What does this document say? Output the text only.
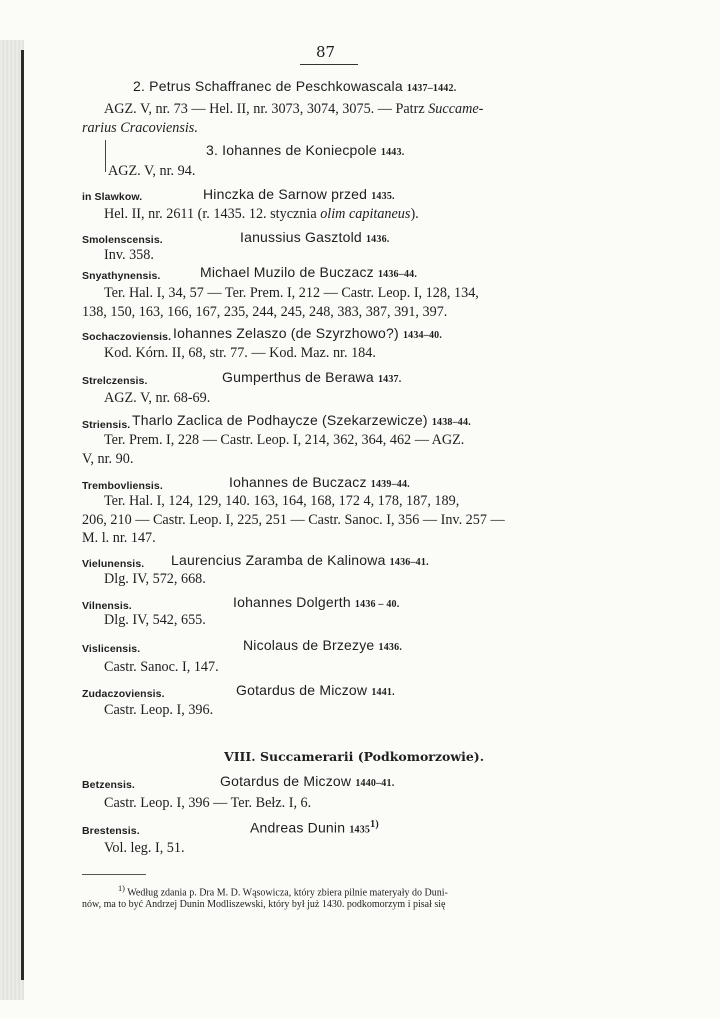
87
2. Petrus Schaffranec de Peschkowascala 1437–1442.
AGZ. V, nr. 73 — Hel. II, nr. 3073, 3074, 3075. — Patrz Succame-
rarius Cracoviensis.
3. Iohannes de Koniecpole 1443.
AGZ. V, nr. 94.
in Slawkow.	Hinczka de Sarnow przed 1435.
Hel. II, nr. 2611 (r. 1435. 12. stycznia olim capitaneus).
Smolenscensis.	Ianussius Gasztold 1436.
Inv. 358.
Snyathynensis.	Michael Muzilo de Buczacz 1436–44.
Ter. Hal. I, 34, 57 — Ter. Prem. I, 212 — Castr. Leop. I, 128, 134,
138, 150, 163, 166, 167, 235, 244, 245, 248, 383, 387, 391, 397.
Sochaczoviensis. Iohannes Zelaszo (de Szyrzhowo?) 1434–40.
Kod. Kórn. II, 68, str. 77. — Kod. Maz. nr. 184.
Strelczensis.	Gumperthus de Berawa 1437.
AGZ. V, nr. 68-69.
Striensis. Tharlo Zaclica de Podhaycze (Szekarzewicze) 1438–44.
Ter. Prem. I, 228 — Castr. Leop. I, 214, 362, 364, 462 — AGZ.
V, nr. 90.
Trembovliensis.	Iohannes de Buczacz 1439–44.
Ter. Hal. I, 124, 129, 140. 163, 164, 168, 172 4, 178, 187, 189,
206, 210 — Castr. Leop. I, 225, 251 — Castr. Sanoc. I, 356 — Inv. 257 —
M. l. nr. 147.
Vielunensis. Laurencius Zaramba de Kalinowa 1436–41.
Dlg. IV, 572, 668.
Vilnensis.	Iohannes Dolgerth 1436 – 40.
Dlg. IV, 542, 655.
Vislicensis.	Nicolaus de Brzezye 1436.
Castr. Sanoc. I, 147.
Zudaczoviensis.	Gotardus de Miczow 1441.
Castr. Leop. I, 396.
VIII. Succamerarii (Podkomorzowie).
Betzensis.	Gotardus de Miczow 1440–41.
Castr. Leop. I, 396 — Ter. Bełz. I, 6.
Brestensis.	Andreas Dunin 1435$^{1)}$
Vol. leg. I, 51.
$^{1)}$ Według zdania p. Dra M. D. Wąsowicza, który zbiera pilnie materyały do Duni-
nów, ma to być Andrzej Dunin Modliszewski, który był już 1430. podkomorzym i pisał się
